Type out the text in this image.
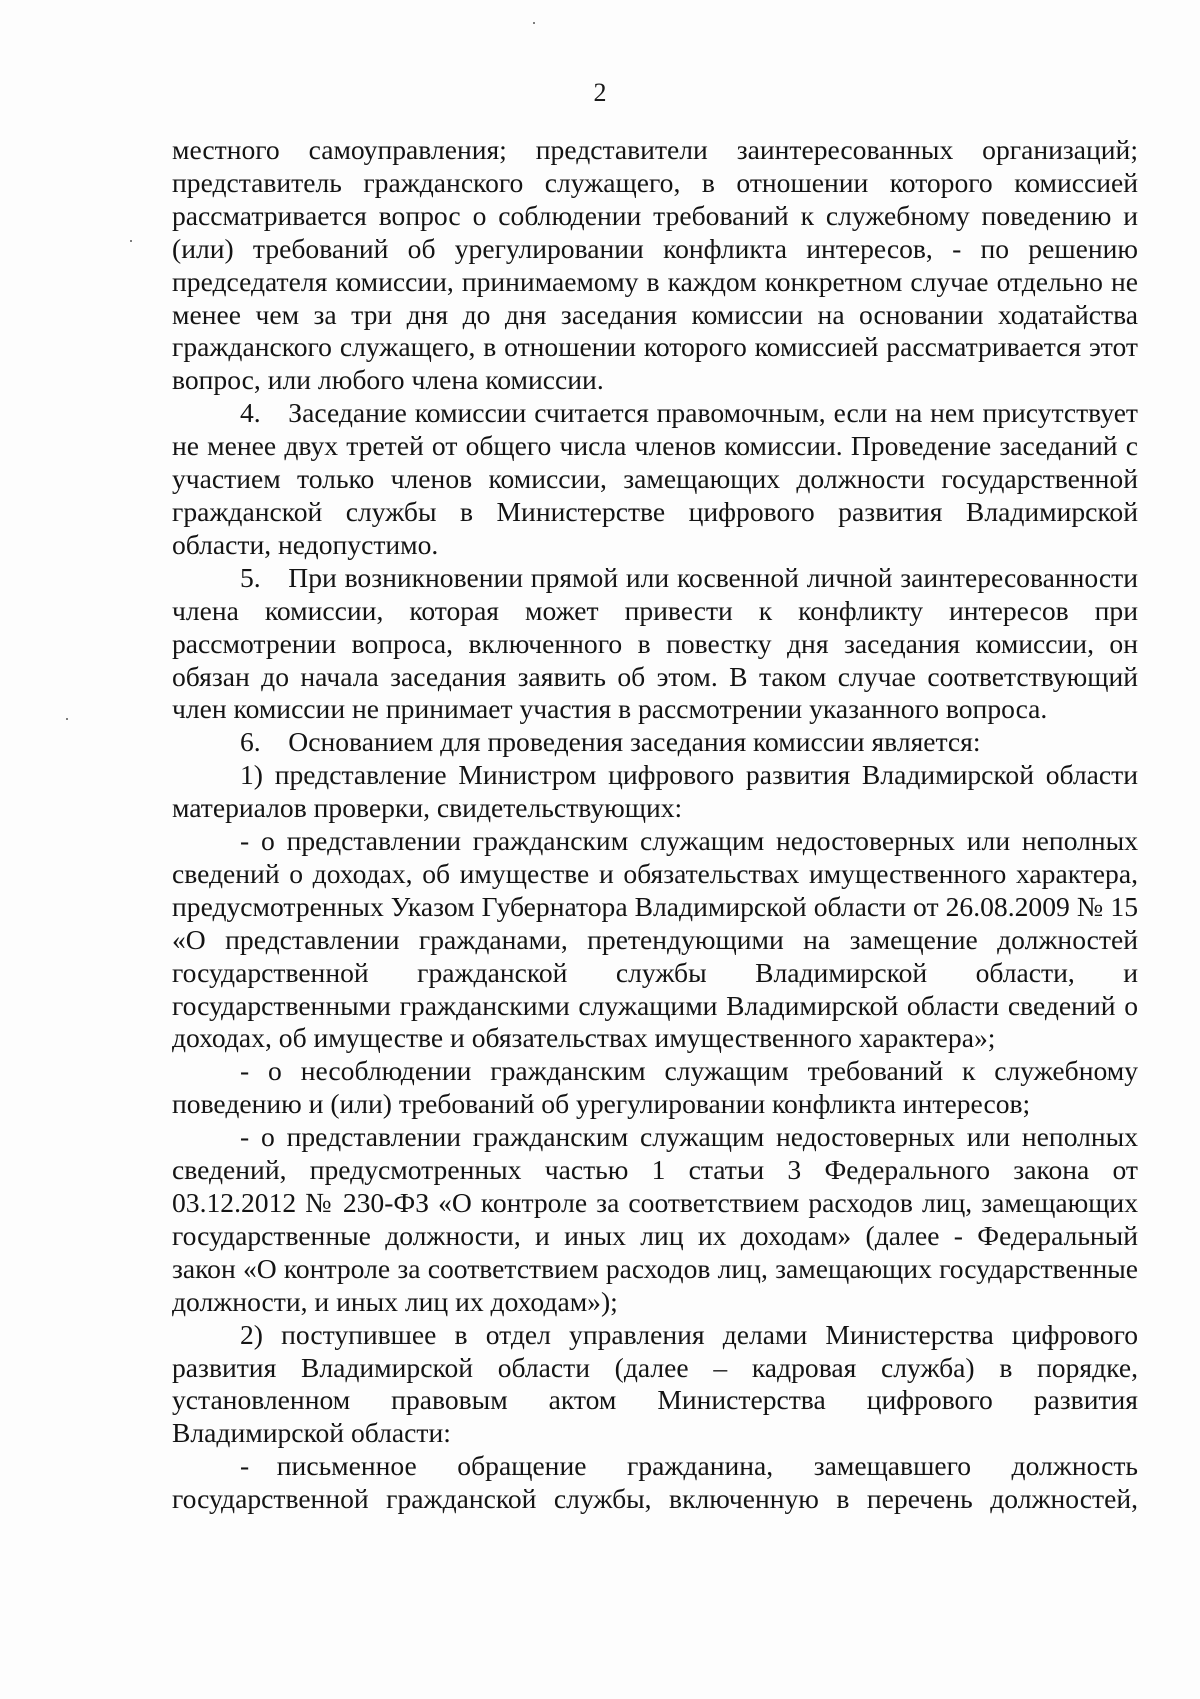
2

местного самоуправления; представители заинтересованных организаций; представитель гражданского служащего, в отношении которого комиссией рассматривается вопрос о соблюдении требований к служебному поведению и (или) требований об урегулировании конфликта интересов, - по решению председателя комиссии, принимаемому в каждом конкретном случае отдельно не менее чем за три дня до дня заседания комиссии на основании ходатайства гражданского служащего, в отношении которого комиссией рассматривается этот вопрос, или любого члена комиссии.

4. Заседание комиссии считается правомочным, если на нем присутствует не менее двух третей от общего числа членов комиссии. Проведение заседаний с участием только членов комиссии, замещающих должности государственной гражданской службы в Министерстве цифрового развития Владимирской области, недопустимо.

5. При возникновении прямой или косвенной личной заинтересованности члена комиссии, которая может привести к конфликту интересов при рассмотрении вопроса, включенного в повестку дня заседания комиссии, он обязан до начала заседания заявить об этом. В таком случае соответствующий член комиссии не принимает участия в рассмотрении указанного вопроса.

6. Основанием для проведения заседания комиссии является:

1) представление Министром цифрового развития Владимирской области материалов проверки, свидетельствующих:

- о представлении гражданским служащим недостоверных или неполных сведений о доходах, об имуществе и обязательствах имущественного характера, предусмотренных Указом Губернатора Владимирской области от 26.08.2009 № 15 «О представлении гражданами, претендующими на замещение должностей государственной гражданской службы Владимирской области, и государственными гражданскими служащими Владимирской области сведений о доходах, об имуществе и обязательствах имущественного характера»;

- о несоблюдении гражданским служащим требований к служебному поведению и (или) требований об урегулировании конфликта интересов;

- о представлении гражданским служащим недостоверных или неполных сведений, предусмотренных частью 1 статьи 3 Федерального закона от 03.12.2012 № 230-ФЗ «О контроле за соответствием расходов лиц, замещающих государственные должности, и иных лиц их доходам» (далее - Федеральный закон «О контроле за соответствием расходов лиц, замещающих государственные должности, и иных лиц их доходам»);

2) поступившее в отдел управления делами Министерства цифрового развития Владимирской области (далее – кадровая служба) в порядке, установленном правовым актом Министерства цифрового развития Владимирской области:

- письменное обращение гражданина, замещавшего должность государственной гражданской службы, включенную в перечень должностей,
